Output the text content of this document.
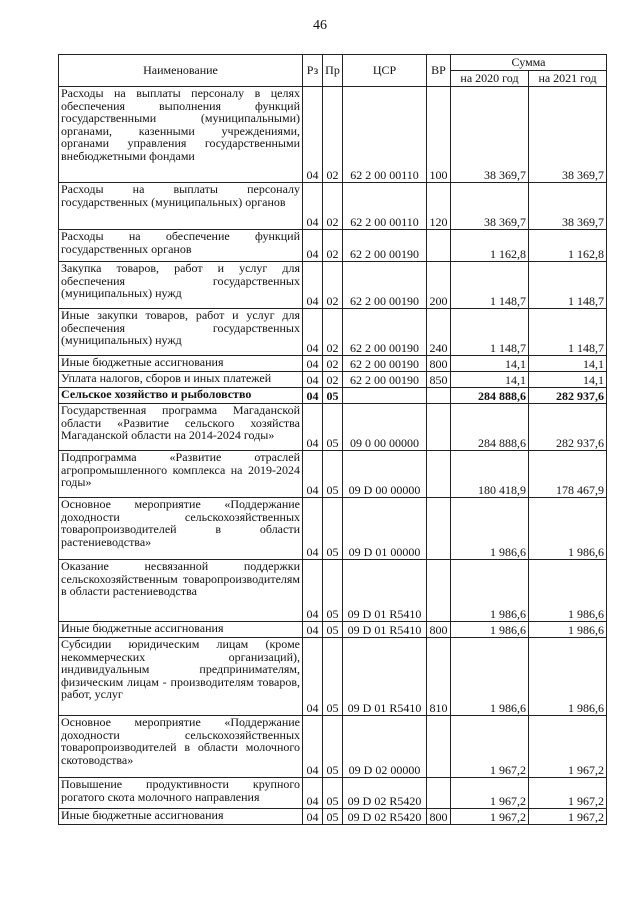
46
Наименование	Рз	Пр	ЦСР	ВР	Сумма	
					на 2020 год	на 2021 год
Расходы на выплаты персоналу в целях обеспечения выполнения функций государственными (муниципальными) органами, казенными учреждениями, органами управления государственными внебюджетными фондами	04	02	62 2 00 00110	100	38 369,7	38 369,7
Расходы на выплаты персоналу государственных (муниципальных) органов	04	02	62 2 00 00110	120	38 369,7	38 369,7
Расходы на обеспечение функций государственных органов	04	02	62 2 00 00190		1 162,8	1 162,8
Закупка товаров, работ и услуг для обеспечения государственных (муниципальных) нужд	04	02	62 2 00 00190	200	1 148,7	1 148,7
Иные закупки товаров, работ и услуг для обеспечения государственных (муниципальных) нужд	04	02	62 2 00 00190	240	1 148,7	1 148,7
Иные бюджетные ассигнования	04	02	62 2 00 00190	800	14,1	14,1
Уплата налогов, сборов и иных платежей	04	02	62 2 00 00190	850	14,1	14,1
Сельское хозяйство и рыболовство	04	05			284 888,6	282 937,6
Государственная программа Магаданской области «Развитие сельского хозяйства Магаданской области на 2014-2024 годы»	04	05	09 0 00 00000		284 888,6	282 937,6
Подпрограмма «Развитие отраслей агропромышленного комплекса на 2019-2024 годы»	04	05	09 D 00 00000		180 418,9	178 467,9
Основное мероприятие «Поддержание доходности сельскохозяйственных товаропроизводителей в области растениеводства»	04	05	09 D 01 00000		1 986,6	1 986,6
Оказание несвязанной поддержки сельскохозяйственным товаропроизводителям в области растениеводства	04	05	09 D 01 R5410		1 986,6	1 986,6
Иные бюджетные ассигнования	04	05	09 D 01 R5410	800	1 986,6	1 986,6
Субсидии юридическим лицам (кроме некоммерческих организаций), индивидуальным предпринимателям, физическим лицам - производителям товаров, работ, услуг	04	05	09 D 01 R5410	810	1 986,6	1 986,6
Основное мероприятие «Поддержание доходности сельскохозяйственных товаропроизводителей в области молочного скотоводства»	04	05	09 D 02 00000		1 967,2	1 967,2
Повышение продуктивности крупного рогатого скота молочного направления	04	05	09 D 02 R5420		1 967,2	1 967,2
Иные бюджетные ассигнования	04	05	09 D 02 R5420	800	1 967,2	1 967,2
